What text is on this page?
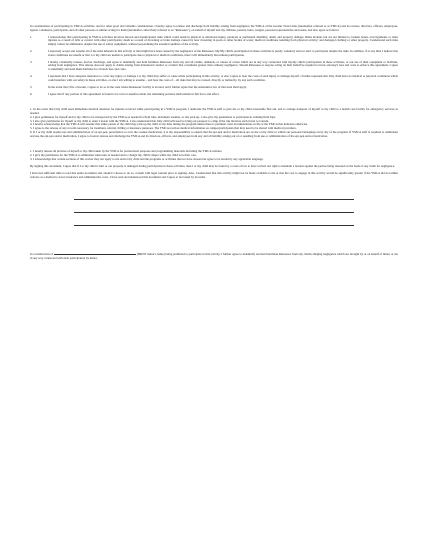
In consideration of participating in YMCA activities, and for other good and valuable consideration, I hereby agree to release and discharge from liability arising from negligence the YMCA of the Greater Twin Cities (hereinafter referred to as YMCA) and its owners, directors, officers, employees, agents, volunteers, participants, and all other persons or entities acting for them (hereinafter collectively referred to as "Releasees"), on behalf of myself and my children, parents, heirs, assigns, personal representative and estate, and also agree as follows:

1.	I acknowledge that participating in YMCA activities involves known and unanticipated risks which could result in physical or emotional injury, paralysis or permanent disability, death, and property damage. Risks include, but are not limited to, broken bones, torn ligaments or other injuries as a result of falls or contact with other participants; death as a result of drowning or brain damage caused by near drowning in pools or other bodies of water; medical conditions resulting from physical activity; and damaged clothing or other property. I understand such risks simply cannot be eliminated, despite the use of safety equipment, without jeopardizing the essential qualities of the activity.
2.	I expressly accept and assume all of the risks inherent in this activity or that might have been caused by the negligence of the Releasees. My/My child's participation in these activities is purely voluntary and we elect to participate despite the risks. In addition, if at any time I believe that event conditions are unsafe or that I or my child are unable to participate due to physical or medical conditions, then I will immediately discontinue participation.
3.	I hereby voluntarily release, forever discharge, and agree to indemnify and hold harmless Releasees from any and all claims, demands, or causes of action which are in any way connected with my/my child's participation in these activities, or our use of their equipment or facilities, arising from negligence. This release does not apply to claims arising from intentional conduct or conduct that constitutes greater than ordinary negligence. Should Releasees or anyone acting on their behalf be required to incur attorney's fees and costs to enforce this agreement, I agree to indemnify and hold them harmless for all such fees and costs.
4.	I represent that I have adequate insurance to cover any injury or damage I or my child may suffer or cause while participating in this activity, or else I agree to bear the costs of such injury or damage myself. I further represent that I/my child have no medical or physical conditions which could interfere with our safety in these activities, or else I am willing to assume – and bear the costs of – all risks that may be created, directly or indirectly, by any such condition.
5.	In the event that I file a lawsuit, I agree to do so in the state where Releasees' facility is located, and I further agree that the substantive law of that state shall apply.
6.	I agree that if any portion of this agreement is found to be void or unenforceable, the remaining portions shall remain in full force and effect.

1. In the event that I/my child need immediate medical attention for injuries received while participating in a YMCA program, I authorize the YMCA staff to give me or my child reasonable first aid, and to arrange transport of myself or my child to a health care facility for emergency services as needed.

2. I give permission for myself and/or my child to be transported by the YMCA as needed for field trips, inclement weather, or late pick up. I also give my permission to participate in walking field trips.

3. I also give permission for myself or my child to enter Canada with the YMCA. I also understand that I/my child will need to bring our passport to camp if the trip involves such travel to Canada.

4. I hereby acknowledge that the YMCA will assume that either parent of the child may pick up the child at any time during the program unless there is pertinent court documentation on file at the YMCA that indicates otherwise.

5. I agree to the release of any records necessary for treatment, referral, billing or insurance purposes. The YMCA receives medical information on camper/participants that may need to be shared with medical providers.

6. If I or my child require use and administration of an epi-pen, prescription or over the counter medication, it is my responsibility to ensure that the epi-pen and/or medication are on me or my child or within our personal belongings every day of the program. If YMCA staff is required to administer and use the epi-pen and/or medication, I agree to forever release and discharge the YMCA and its directors, officers, and employees from any and all liability arising out of or resulting from use or administration of the epi-pen and/or medication.

1. I hereby release all pictures of myself or my child taken by the YMCA for promotional purposes and programming materials including the YMCA website.

2. I give my permission for the YMCA to administer sunscreen as needed and to change my child's diaper while my child is in their care.

3. I acknowledge that certain sections of this waiver may not apply to me and/or my child and the programs or activities that we have chosen but agree to be bound by any applicable language.

By signing this document, I agree that if I or my child is hurt or our property is damaged during participation in these activities, then I or my child may be found by a court of law to have waived our right to maintain a lawsuit against the parties being released on the basis of any claim for negligence.

I have had sufficient time to read this entire document and, should I choose to do so, consult with legal counsel prior to signing. Also, I understand that this activity might not be made available to me or that the cost to engage in this activity would be significantly greater if the YMCA did not utilize waivers as a method to lower insurance and administrative costs. I have read and understood this document and I agree to be bound by its terms.

In consideration of	(PRINT minor's name) being permitted to participate in this activity, I further agree to indemnify and hold harmless Releasees from any claims alleging negligence which are brought by or on behalf of minor or are in any way connected with such participation by minor.
